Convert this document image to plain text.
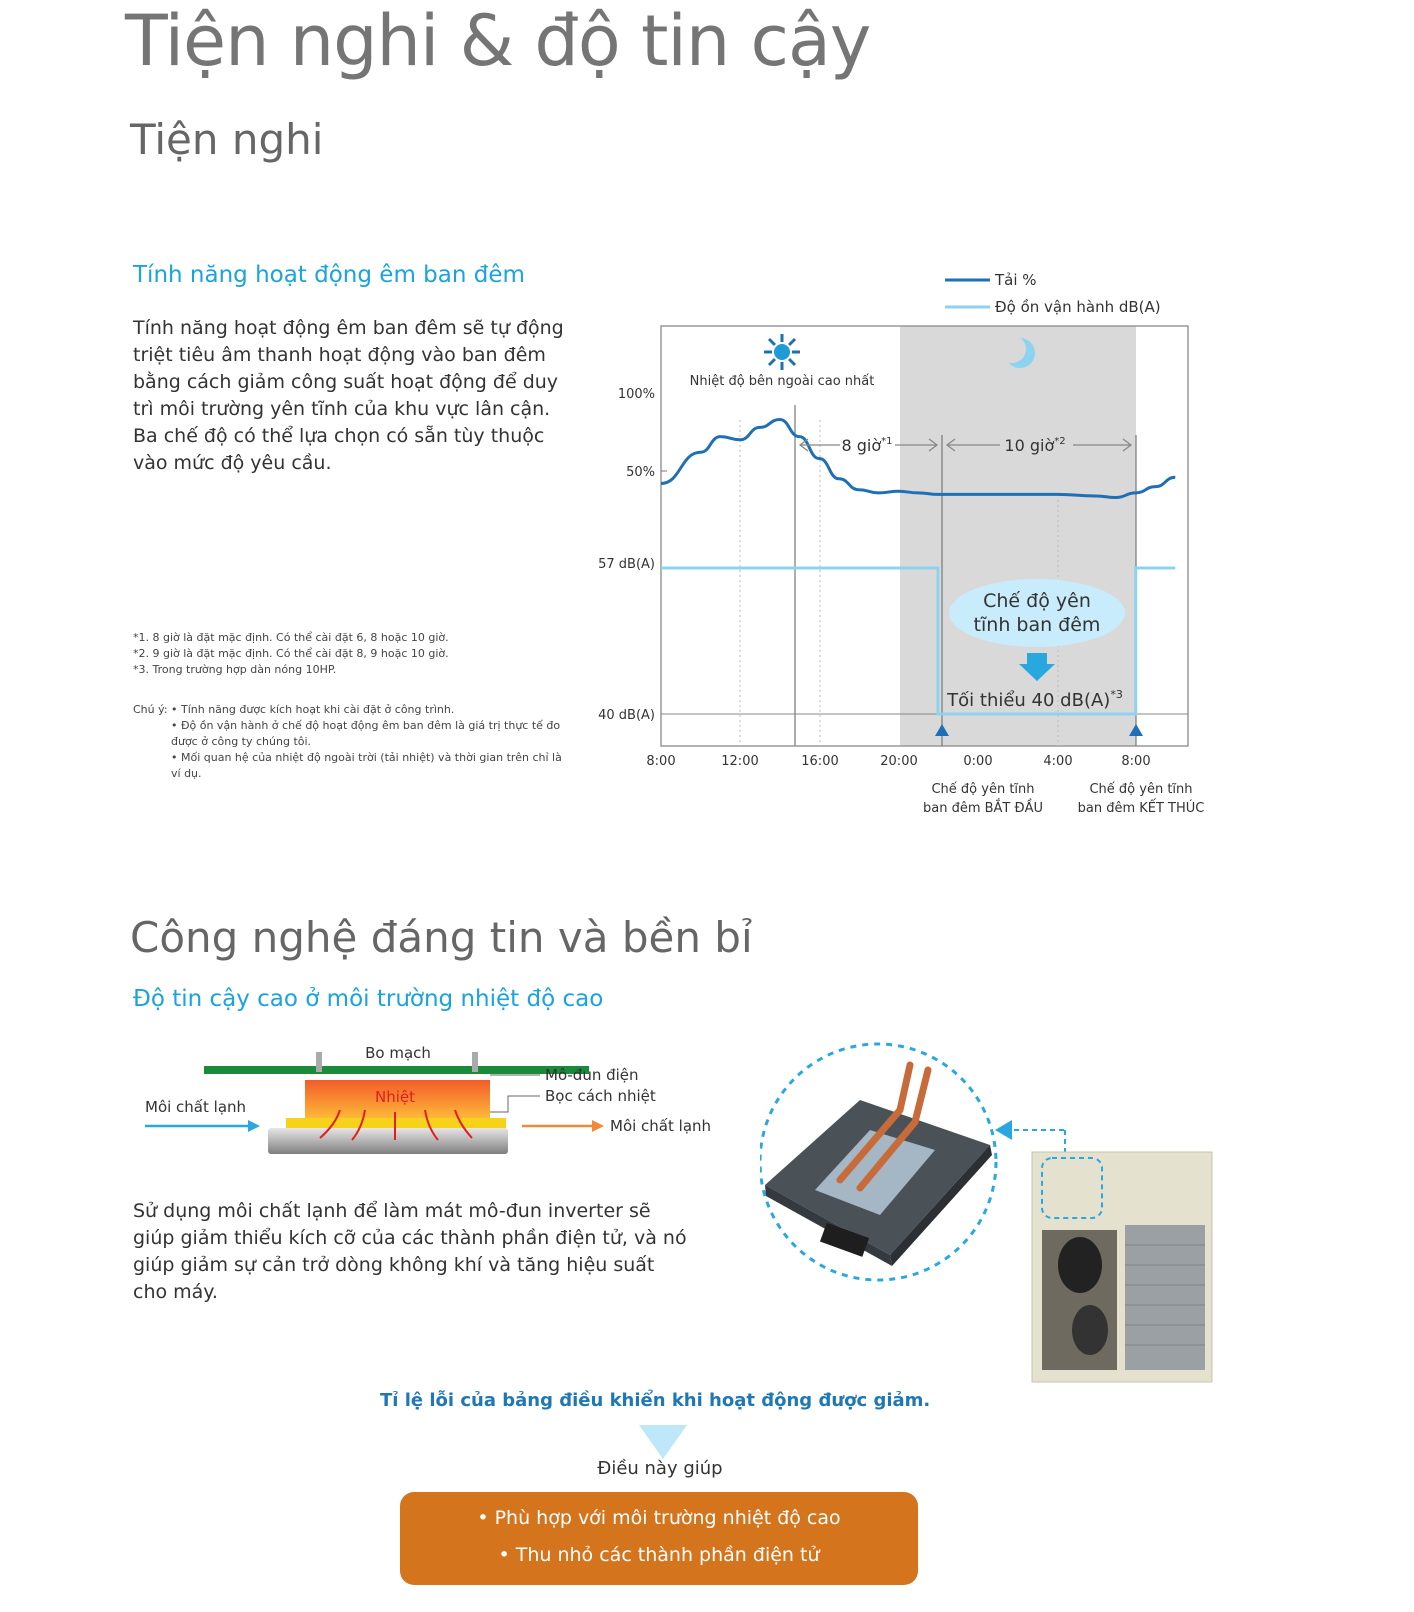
Tiện nghi & độ tin cậy
Tiện nghi
Tính năng hoạt động êm ban đêm

Tính năng hoạt động êm ban đêm sẽ tự động triệt tiêu âm thanh hoạt động vào ban đêm bằng cách giảm công suất hoạt động để duy trì môi trường yên tĩnh của khu vực lân cận.

Ba chế độ có thể lựa chọn có sẵn tùy thuộc vào mức độ yêu cầu.

*1. 8 giờ là đặt mặc định. Có thể cài đặt 6, 8 hoặc 10 giờ.

*2. 9 giờ là đặt mặc định. Có thể cài đặt 8, 9 hoặc 10 giờ.

*3. Trong trường hợp dàn nóng 10HP.

Chú ý: • Tính năng được kích hoạt khi cài đặt ở công trình.

• Độ ồn vận hành ở chế độ hoạt động êm ban đêm là giá trị thực tế đo được ở công ty chúng tôi.

• Mối quan hệ của nhiệt độ ngoài trời (tải nhiệt) và thời gian trên chỉ là ví dụ.

Tải %
Độ ồn vận hành dB(A)
100%
50%
57 dB(A)
40 dB(A)
Nhiệt độ bên ngoài cao nhất
8 giờ$^{*1}$	10 giờ$^{*2}$
Chế độ yên
tĩnh ban đêm
Tối thiểu 40 $dB(A)^{*3}$
8:00	12:00	16:00	20:00	0:00	4:00	8:00
Chế độ yên tĩnh
ban đêm BẮT ĐẦU
Chế độ yên tĩnh
ban đêm KẾT THÚC
Công nghệ đáng tin và bền bỉ
Độ tin cậy cao ở môi trường nhiệt độ cao
Bo mạch
Nhiệt
Môi chất lạnh
Môi chất lạnh
Mô-đun điện
Bọc cách nhiệt
Sử dụng môi chất lạnh để làm mát mô-đun inverter sẽ giúp giảm thiểu kích cỡ của các thành phần điện tử, và nó giúp giảm sự cản trở dòng không khí và tăng hiệu suất cho máy.
Tỉ lệ lỗi của bảng điều khiển khi hoạt động được giảm.
Điều này giúp
• Phù hợp với môi trường nhiệt độ cao
• Thu nhỏ các thành phần điện tử
